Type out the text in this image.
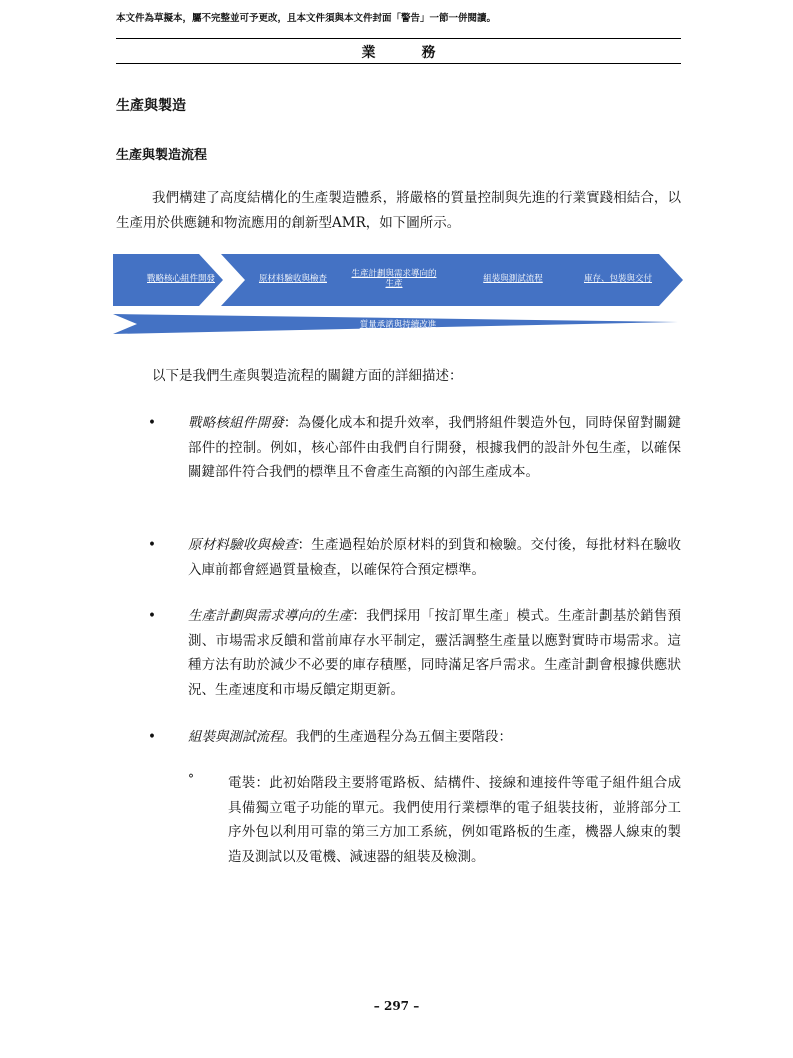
本文件為草擬本，屬不完整並可予更改，且本文件須與本文件封面「警告」一節一併閱讀。
業　務
生產與製造
生產與製造流程

我們構建了高度結構化的生產製造體系，將嚴格的質量控制與先進的行業實踐相結合，以生產用於供應鏈和物流應用的創新型AMR，如下圖所示。

戰略核心組件開發	原材料驗收與檢查	生產計劃與需求導向的生產	組裝與測試流程	庫存、包裝與交付
質量承諾與持續改進

以下是我們生產與製造流程的關鍵方面的詳細描述：

• 戰略核組件開發：為優化成本和提升效率，我們將組件製造外包，同時保留對關鍵部件的控制。例如，核心部件由我們自行開發，根據我們的設計外包生產，以確保關鍵部件符合我們的標準且不會產生高額的內部生產成本。

• 原材料驗收與檢查：生產過程始於原材料的到貨和檢驗。交付後，每批材料在驗收入庫前都會經過質量檢查，以確保符合預定標準。

• 生產計劃與需求導向的生產：我們採用「按訂單生產」模式。生產計劃基於銷售預測、市場需求反饋和當前庫存水平制定，靈活調整生產量以應對實時市場需求。這種方法有助於減少不必要的庫存積壓，同時滿足客戶需求。生產計劃會根據供應狀況、生產速度和市場反饋定期更新。

• 組裝與測試流程。我們的生產過程分為五個主要階段：

°	電裝：此初始階段主要將電路板、結構件、接線和連接件等電子組件組合成具備獨立電子功能的單元。我們使用行業標準的電子組裝技術，並將部分工序外包以利用可靠的第三方加工系統，例如電路板的生產，機器人線束的製造及測試以及電機、減速器的組裝及檢測。

– 297 –
